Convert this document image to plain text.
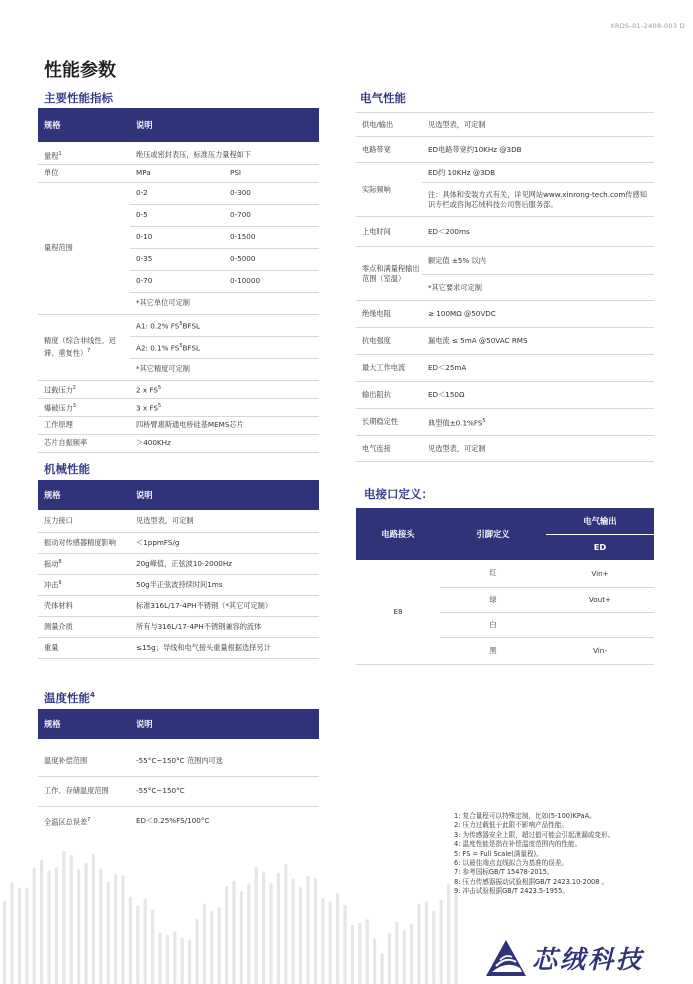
XRDS-01-2408-003 D
性能参数
主要性能指标
规格	说明
量程$^1$	绝压或密封表压，标准压力量程如下	
单位	MPa	PSI
量程范围	0-2	0-300
	0-5	0-700
	0-10	0-1500
	0-35	0-5000
	0-70	0-10000
	*其它单位可定制	
精度（综合非线性、迟滞、重复性）$^7$	A1: 0.2% $FS^5BFSL$	
	A2: 0.1% $FS^5BFSL$	
	*其它精度可定制	
过载压力$^2$	2 x $FS^5$
爆破压力$^3$	3 x $FS^5$
工作原理	四桥臂惠斯通电桥硅基MEMS芯片	
芯片自振频率	＞400KHz	
机械性能
规格	说明
压力接口	见选型表，可定制
振动对传感器精度影响	＜1ppmFS/g
振动$^8$	20g峰值，正弦波10-2000Hz
冲击$^9$	50g半正弦波持续时间1ms
壳体材料	标准316L/17-4PH不锈钢（*其它可定制）
测量介质	所有与316L/17-4PH不锈钢兼容的流体
重量	≤15g；导线和电气接头重量根据选择另计
温度性能$^4$
规格	说明
温度补偿范围	-55°C~150°C 范围内可选
工作、存储温度范围	-55°C~150°C
全温区总误差$^7$	ED＜0.25%FS/100°C
电气性能
供电/输出	见选型表，可定制
电路带宽	ED电路带宽约10KHz @3DB
实际频响	ED约 10KHz @3DB
	注：具体和安装方式有关，详见网站www.xinrong-tech.com传感知识专栏或咨询芯绒科技公司售后服务部。
上电时间	ED＜200ms
零点和满量程输出范围（室温）	额定值 ±5% 以内
	*其它要求可定制
绝缘电阻	≥ 100MΩ @50VDC
抗电强度	漏电流 ≤ 5mA @50VAC RMS
最大工作电流	ED＜25mA
输出阻抗	ED＜150Ω
长期稳定性	典型值$\pm 0.1\%FS^5$
电气连接	见选型表，可定制
电接口定义：
电路接头	引脚定义	电气输出
		ED
E8	红	Vin+
	绿	Vout+
	白	
	黑	Vin-
1: 复合量程可以特殊定制，比如(5-100)KPaA。
2: 压力过载低于此限不影响产品性能。
3: 为传感器安全上限，超过值可能会引起泄漏或变形。
4: 温度性能是指在补偿温度范围内的性能。
5: FS = Full Scale(满量程)。
6: 以最佳端点直线拟合为基准的误差。
7: 参考国标GB/T 15478-2015。
8: 压力传感器振动试验根据GB/T 2423.10-2008 。
9: 冲击试验根据GB/T 2423.5-1955。
芯绒科技
